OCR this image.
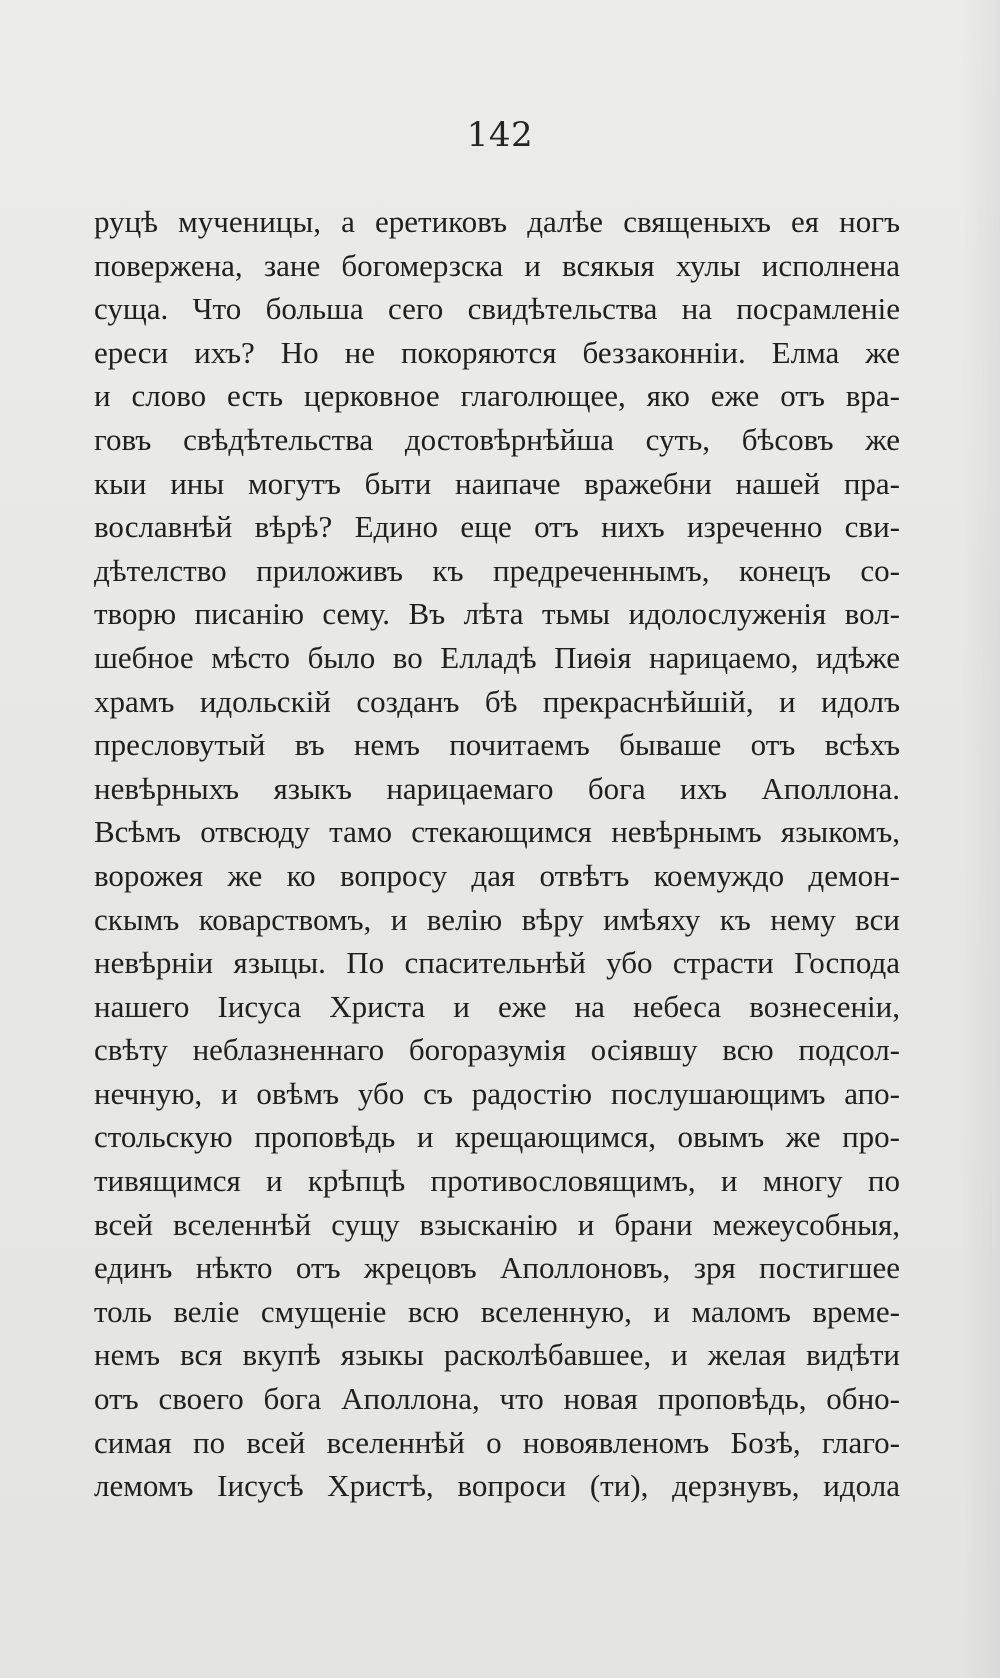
142
руцѣ мученицы, а еретиковъ далѣе священыхъ ея ногъ
повержена, зане богомерзска и всякыя хулы исполнена
суща. Что больша сего свидѣтельства на посрамленіе
ереси ихъ? Но не покоряются беззаконніи. Елма же
и слово есть церковное глаголющее, яко еже отъ вра-
говъ свѣдѣтельства достовѣрнѣйша суть, бѣсовъ же
кыи ины могутъ быти наипаче вражебни нашей пра-
вославнѣй вѣрѣ? Едино еще отъ нихъ изреченно сви-
дѣтелство приложивъ къ предреченнымъ, конецъ со-
творю писанію сему. Въ лѣта тьмы идолослуженія вол-
шебное мѣсто было во Елладѣ Пиѳія нарицаемо, идѣже
храмъ идольскій созданъ бѣ прекраснѣйшій, и идолъ
пресловутый въ немъ почитаемъ бываше отъ всѣхъ
невѣрныхъ языкъ нарицаемаго бога ихъ Аполлона.
Всѣмъ отвсюду тамо стекающимся невѣрнымъ языкомъ,
ворожея же ко вопросу дая отвѣтъ коемуждо демон-
скымъ коварствомъ, и велію вѣру имѣяху къ нему вси
невѣрніи языцы. По спасительнѣй убо страсти Господа
нашего Іисуса Христа и еже на небеса вознесеніи,
свѣту неблазненнаго богоразумія осіявшу всю подсол-
нечную, и овѣмъ убо съ радостію послушающимъ апо-
стольскую проповѣдь и крещающимся, овымъ же про-
тивящимся и крѣпцѣ противословящимъ, и многу по
всей вселеннѣй сущу взысканію и брани межеусобныя,
единъ нѣкто отъ жрецовъ Аполлоновъ, зря постигшее
толь веліе смущеніе всю вселенную, и маломъ време-
немъ вся вкупѣ языкы расколѣбавшее, и желая видѣти
отъ своего бога Аполлона, что новая проповѣдь, обно-
симая по всей вселеннѣй о новоявленомъ Бозѣ, глаго-
лемомъ Іисусѣ Христѣ, вопроси (ти), дерзнувъ, идола
